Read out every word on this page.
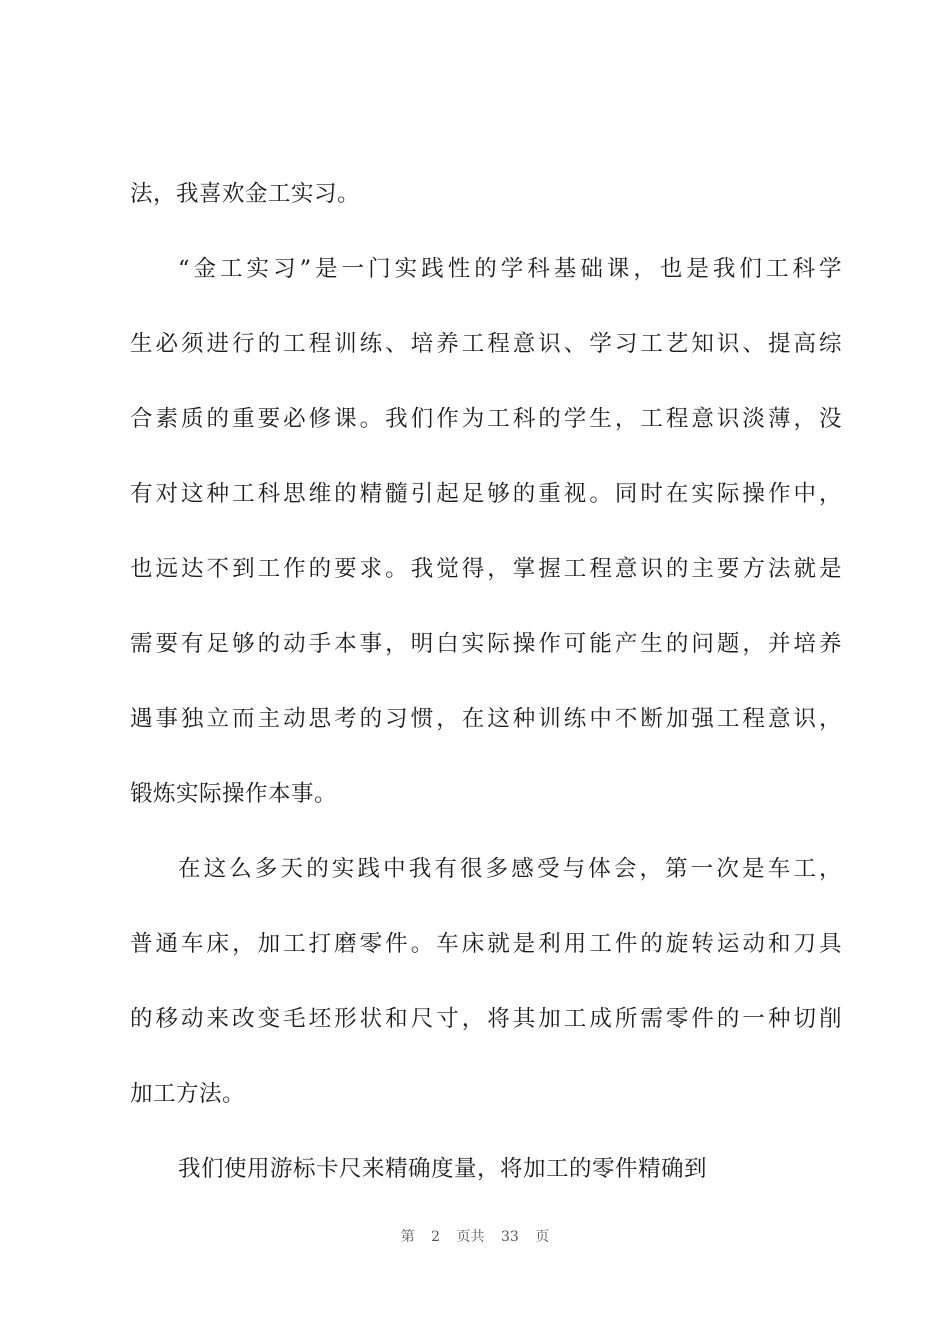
法，我喜欢金工实习。
“金工实习”是一门实践性的学科基础课，也是我们工科学
生必须进行的工程训练、培养工程意识、学习工艺知识、提高综
合素质的重要必修课。我们作为工科的学生，工程意识淡薄，没
有对这种工科思维的精髓引起足够的重视。同时在实际操作中，
也远达不到工作的要求。我觉得，掌握工程意识的主要方法就是
需要有足够的动手本事，明白实际操作可能产生的问题，并培养
遇事独立而主动思考的习惯，在这种训练中不断加强工程意识，
锻炼实际操作本事。
在这么多天的实践中我有很多感受与体会，第一次是车工，
普通车床，加工打磨零件。车床就是利用工件的旋转运动和刀具
的移动来改变毛坯形状和尺寸，将其加工成所需零件的一种切削
加工方法。
我们使用游标卡尺来精确度量，将加工的零件精确到
第 2 页共 33 页
